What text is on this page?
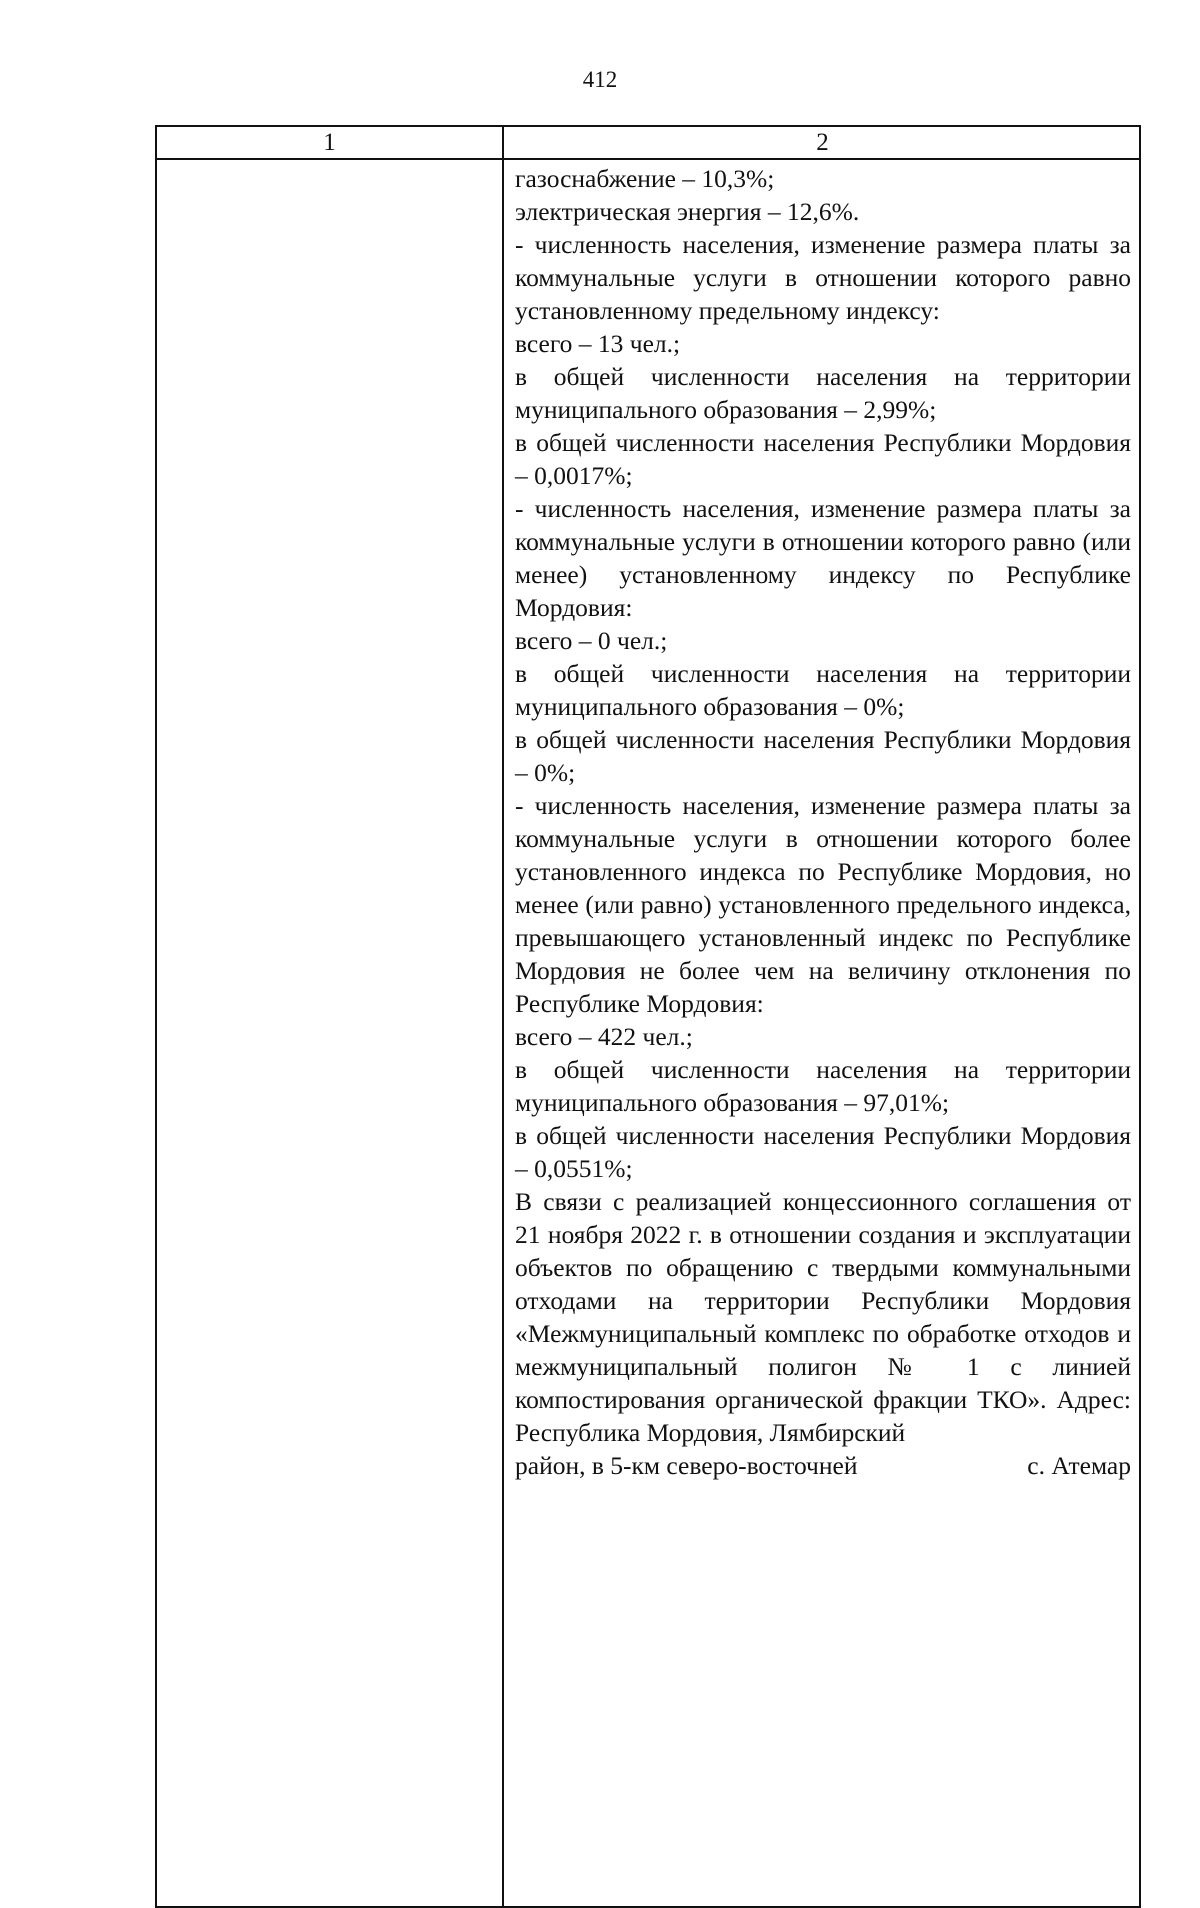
412
1	2

газоснабжение – 10,3%;

электрическая энергия – 12,6%.

- численность населения, изменение размера платы за коммунальные услуги в отношении которого равно установленному предельному индексу:

всего – 13 чел.;

в общей численности населения на территории муниципального образования – 2,99%;

в общей численности населения Республики Мордовия – 0,0017%;

- численность населения, изменение размера платы за коммунальные услуги в отношении которого равно (или менее) установленному индексу по Республике Мордовия:

всего – 0 чел.;

в общей численности населения на территории муниципального образования – 0%;

в общей численности населения Республики Мордовия – 0%;

- численность населения, изменение размера платы за коммунальные услуги в отношении которого более установленного индекса по Республике Мордовия, но менее (или равно) установленного предельного индекса, превышающего установленный индекс по Республике Мордовия не более чем на величину отклонения по Республике Мордовия:

всего – 422 чел.;

в общей численности населения на территории муниципального образования – 97,01%;

в общей численности населения Республики Мордовия – 0,0551%;

В связи с реализацией концессионного соглашения от 21 ноября 2022 г. в отношении создания и эксплуатации объектов по обращению с твердыми коммунальными отходами на территории Республики Мордовия «Межмуниципальный комплекс по обработке отходов и межмуниципальный полигон № 1 с линией компостирования органической фракции ТКО». Адрес: Республика Мордовия, Лямбирский

район, в 5-км северо-восточней	с. Атемар
